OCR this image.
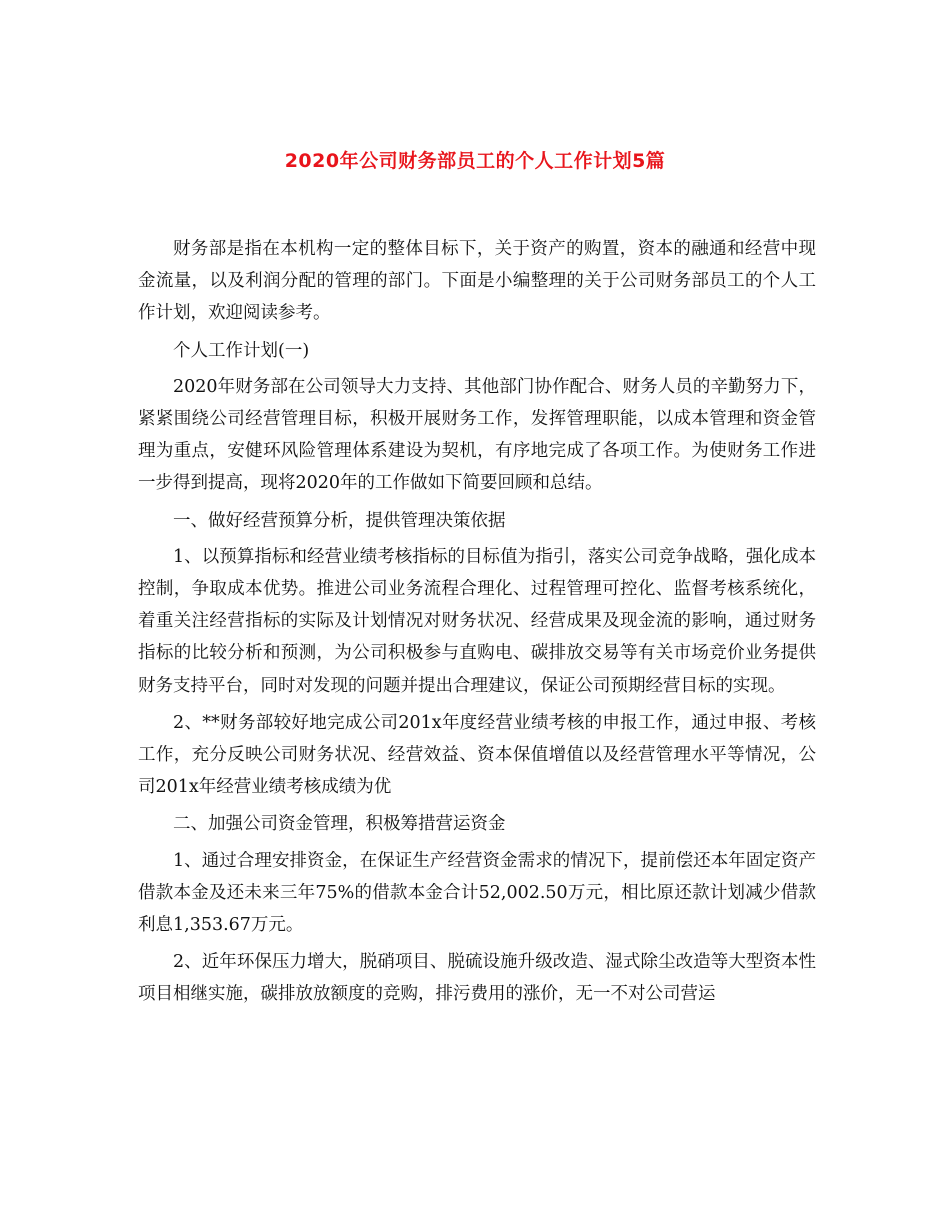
2020年公司财务部员工的个人工作计划5篇

财务部是指在本机构一定的整体目标下，关于资产的购置，资本的融通和经营中现金流量，以及利润分配的管理的部门。下面是小编整理的关于公司财务部员工的个人工作计划，欢迎阅读参考。

个人工作计划(一)

2020年财务部在公司领导大力支持、其他部门协作配合、财务人员的辛勤努力下，紧紧围绕公司经营管理目标，积极开展财务工作，发挥管理职能，以成本管理和资金管理为重点，安健环风险管理体系建设为契机，有序地完成了各项工作。为使财务工作进一步得到提高，现将2020年的工作做如下简要回顾和总结。

一、做好经营预算分析，提供管理决策依据

1、以预算指标和经营业绩考核指标的目标值为指引，落实公司竞争战略，强化成本控制，争取成本优势。推进公司业务流程合理化、过程管理可控化、监督考核系统化，着重关注经营指标的实际及计划情况对财务状况、经营成果及现金流的影响，通过财务指标的比较分析和预测，为公司积极参与直购电、碳排放交易等有关市场竞价业务提供财务支持平台，同时对发现的问题并提出合理建议，保证公司预期经营目标的实现。

2、**财务部较好地完成公司201x年度经营业绩考核的申报工作，通过申报、考核工作，充分反映公司财务状况、经营效益、资本保值增值以及经营管理水平等情况，公司201x年经营业绩考核成绩为优

二、加强公司资金管理，积极筹措营运资金

1、通过合理安排资金，在保证生产经营资金需求的情况下，提前偿还本年固定资产借款本金及还未来三年75%的借款本金合计52,002.50万元，相比原还款计划减少借款利息1,353.67万元。

2、近年环保压力增大，脱硝项目、脱硫设施升级改造、湿式除尘改造等大型资本性项目相继实施，碳排放放额度的竞购，排污费用的涨价，无一不对公司营运
